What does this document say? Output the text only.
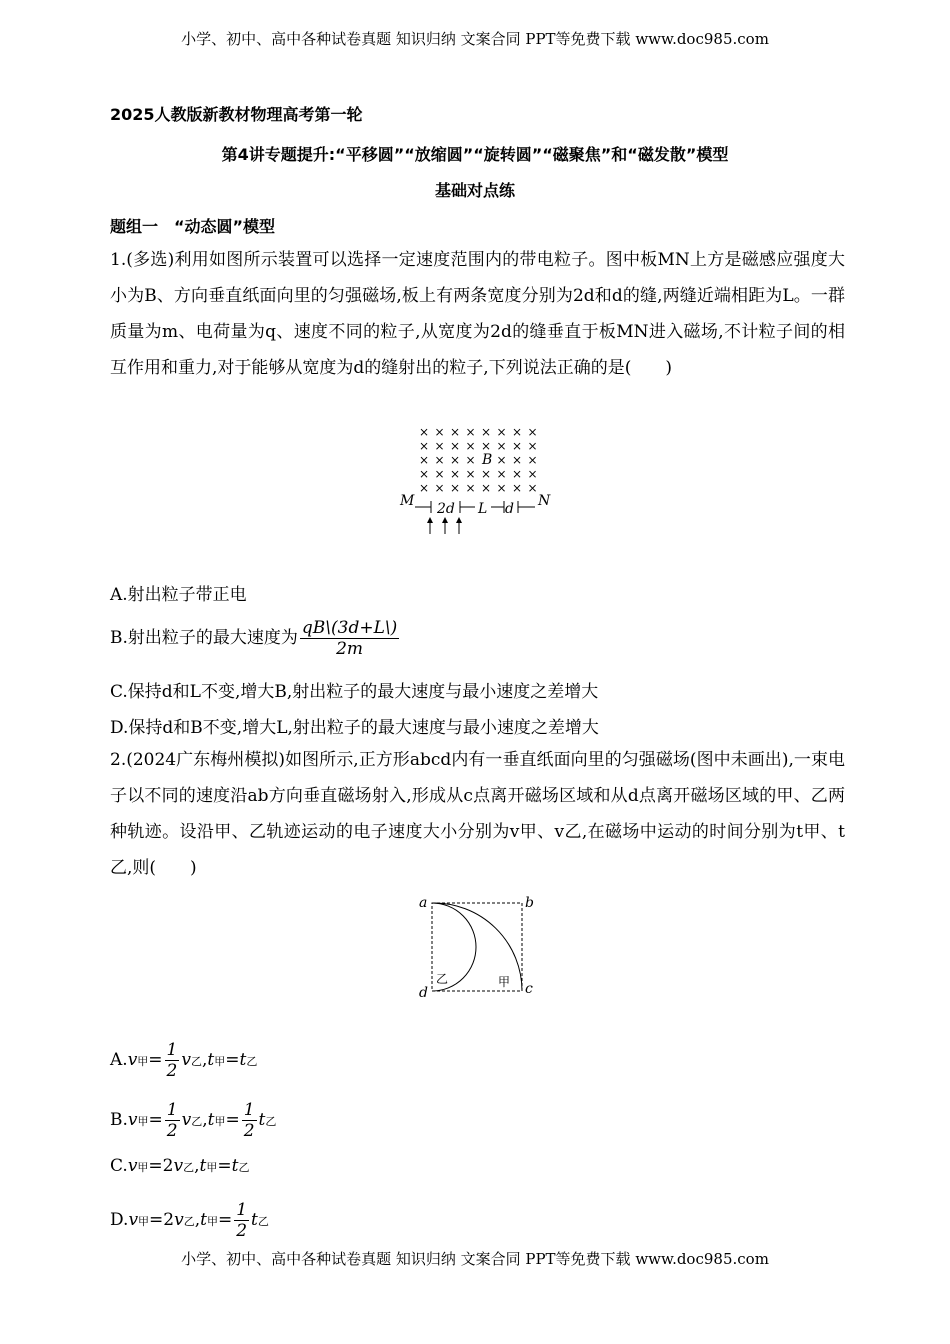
小学、初中、高中各种试卷真题 知识归纳 文案合同 PPT等免费下载 www.doc985.com
2025人教版新教材物理高考第一轮
第4讲专题提升:“平移圆”“放缩圆”“旋转圆”“磁聚焦”和“磁发散”模型
基础对点练
题组一　“动态圆”模型
1.(多选)利用如图所示装置可以选择一定速度范围内的带电粒子。图中板MN上方是磁感应强度大小为B、方向垂直纸面向里的匀强磁场,板上有两条宽度分别为2d和d的缝,两缝近端相距为L。一群质量为m、电荷量为q、速度不同的粒子,从宽度为2d的缝垂直于板MN进入磁场,不计粒子间的相互作用和重力,对于能够从宽度为d的缝射出的粒子,下列说法正确的是(　　)
× × × × × × × ×
× × × × × × × ×
× × × × × × ×
× × × × × × × ×
× × × × × × × ×
B
M	N
2d L d
A.射出粒子带正电
B.射出粒子的最大速度为 $\frac{qB\backslash(3d+L\backslash)}{2m}$
C.保持d和L不变,增大B,射出粒子的最大速度与最小速度之差增大
D.保持d和B不变,增大L,射出粒子的最大速度与最小速度之差增大
2.(2024广东梅州模拟)如图所示,正方形abcd内有一垂直纸面向里的匀强磁场(图中未画出),一束电子以不同的速度沿ab方向垂直磁场射入,形成从c点离开磁场区域和从d点离开磁场区域的甲、乙两种轨迹。设沿甲、乙轨迹运动的电子速度大小分别为v甲、v乙,在磁场中运动的时间分别为t甲、t乙,则(　　)
a	b
c
d
甲
乙
A.v甲= $\frac{1}{2}$ v乙,t甲=t乙
B.v甲= $\frac{1}{2}$ v乙,t甲= $\frac{1}{2}$ t乙
C.v甲=2v乙,t甲=t乙
D.v甲=2v乙,t甲= $\frac{1}{2}$ t乙
小学、初中、高中各种试卷真题 知识归纳 文案合同 PPT等免费下载 www.doc985.com
